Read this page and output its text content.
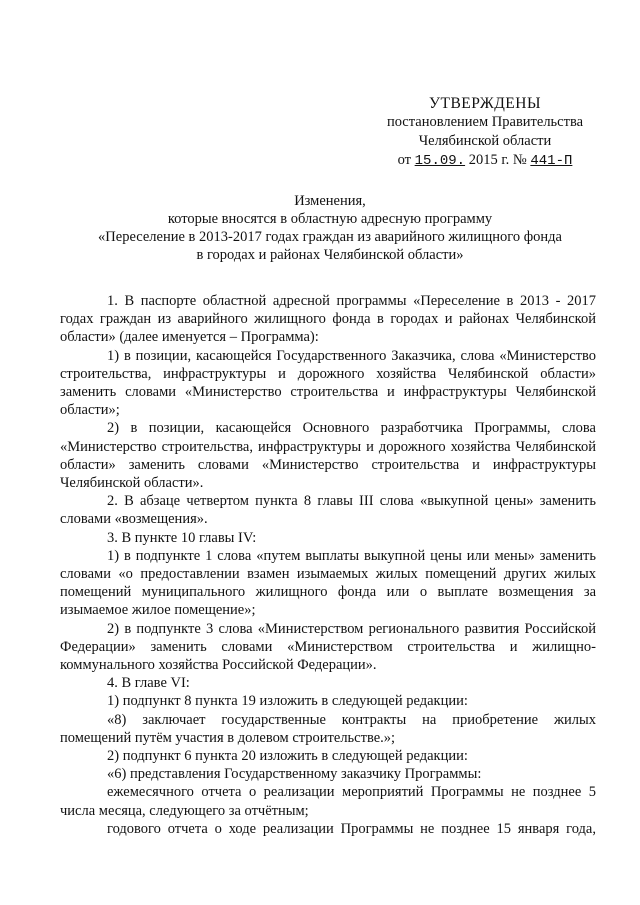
УТВЕРЖДЕНЫ
постановлением Правительства
Челябинской области
от 15.09. 2015 г. № 441-П
Изменения,
которые вносятся в областную адресную программу
«Переселение в 2013-2017 годах граждан из аварийного жилищного фонда
в городах и районах Челябинской области»

1. В паспорте областной адресной программы «Переселение в 2013 - 2017 годах граждан из аварийного жилищного фонда в городах и районах Челябинской области» (далее именуется – Программа):

1) в позиции, касающейся Государственного Заказчика, слова «Министерство строительства, инфраструктуры и дорожного хозяйства Челябинской области» заменить словами «Министерство строительства и инфраструктуры Челябинской области»;

2) в позиции, касающейся Основного разработчика Программы, слова «Министерство строительства, инфраструктуры и дорожного хозяйства Челябинской области» заменить словами «Министерство строительства и инфраструктуры Челябинской области».

2. В абзаце четвертом пункта 8 главы III слова «выкупной цены» заменить словами «возмещения».

3. В пункте 10 главы IV:

1) в подпункте 1 слова «путем выплаты выкупной цены или мены» заменить словами «о предоставлении взамен изымаемых жилых помещений других жилых помещений муниципального жилищного фонда или о выплате возмещения за изымаемое жилое помещение»;

2) в подпункте 3 слова «Министерством регионального развития Российской Федерации» заменить словами «Министерством строительства и жилищно-коммунального хозяйства Российской Федерации».

4. В главе VI:

1) подпункт 8 пункта 19 изложить в следующей редакции:

«8) заключает государственные контракты на приобретение жилых помещений путём участия в долевом строительстве.»;

2) подпункт 6 пункта 20 изложить в следующей редакции:

«6) представления Государственному заказчику Программы:

ежемесячного отчета о реализации мероприятий Программы не позднее 5 числа месяца, следующего за отчётным;

годового отчета о ходе реализации Программы не позднее 15 января года,
